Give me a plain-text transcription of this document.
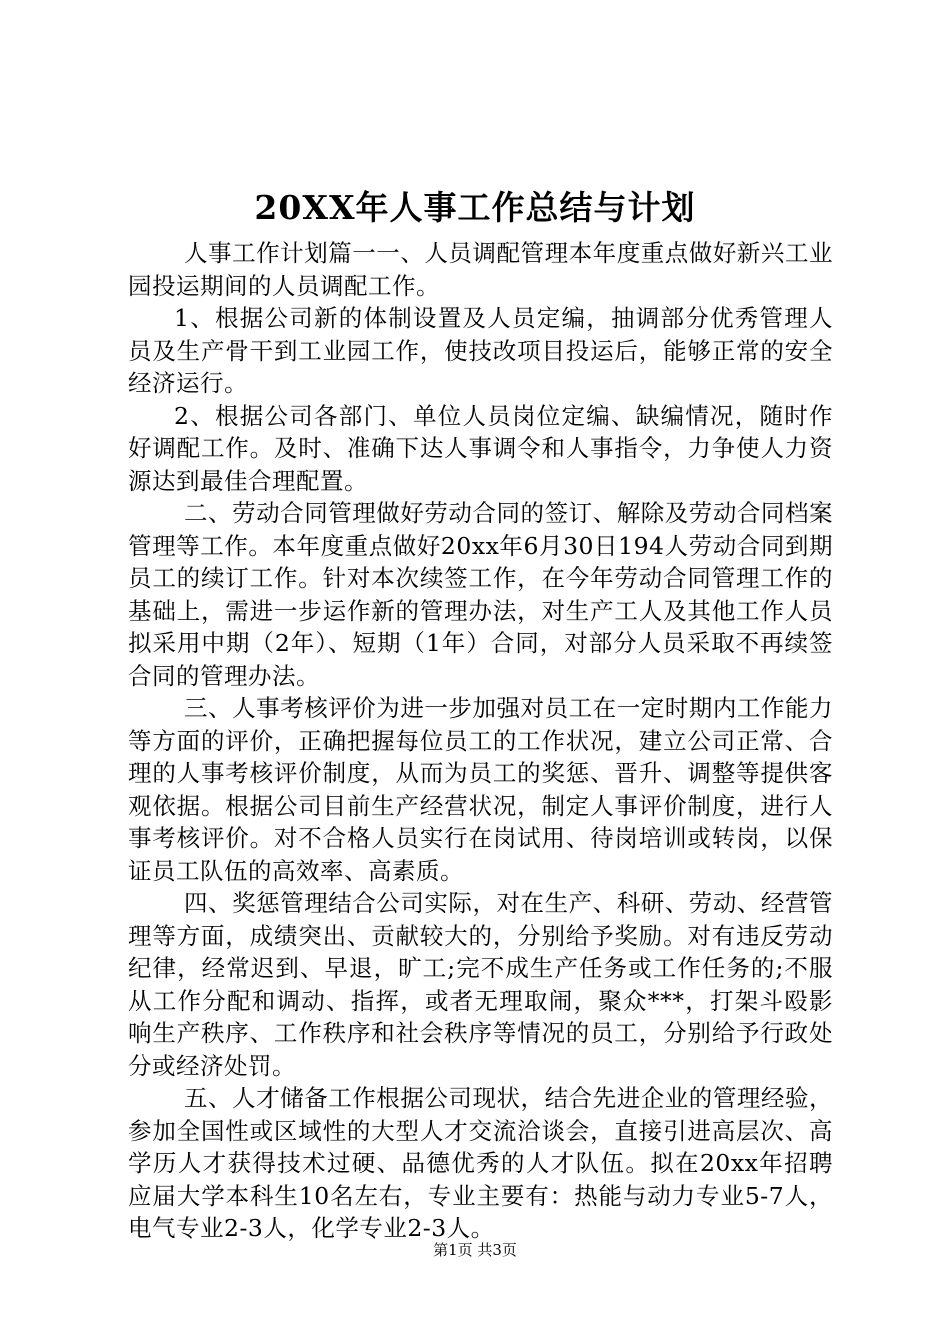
20XX年人事工作总结与计划

人事工作计划篇一一、人员调配管理本年度重点做好新兴工业园投运期间的人员调配工作。

1、根据公司新的体制设置及人员定编，抽调部分优秀管理人员及生产骨干到工业园工作，使技改项目投运后，能够正常的安全经济运行。

2、根据公司各部门、单位人员岗位定编、缺编情况，随时作好调配工作。及时、准确下达人事调令和人事指令，力争使人力资源达到最佳合理配置。

二、劳动合同管理做好劳动合同的签订、解除及劳动合同档案管理等工作。本年度重点做好20xx年6月30日194人劳动合同到期员工的续订工作。针对本次续签工作，在今年劳动合同管理工作的基础上，需进一步运作新的管理办法，对生产工人及其他工作人员拟采用中期（2年）、短期（1年）合同，对部分人员采取不再续签合同的管理办法。

三、人事考核评价为进一步加强对员工在一定时期内工作能力等方面的评价，正确把握每位员工的工作状况，建立公司正常、合理的人事考核评价制度，从而为员工的奖惩、晋升、调整等提供客观依据。根据公司目前生产经营状况，制定人事评价制度，进行人事考核评价。对不合格人员实行在岗试用、待岗培训或转岗，以保证员工队伍的高效率、高素质。

四、奖惩管理结合公司实际，对在生产、科研、劳动、经营管理等方面，成绩突出、贡献较大的，分别给予奖励。对有违反劳动纪律，经常迟到、早退，旷工;完不成生产任务或工作任务的;不服从工作分配和调动、指挥，或者无理取闹，聚众***，打架斗殴影响生产秩序、工作秩序和社会秩序等情况的员工，分别给予行政处分或经济处罚。

五、人才储备工作根据公司现状，结合先进企业的管理经验，参加全国性或区域性的大型人才交流洽谈会，直接引进高层次、高学历人才获得技术过硬、品德优秀的人才队伍。拟在20xx年招聘应届大学本科生10名左右，专业主要有：热能与动力专业5-7人，电气专业2-3人，化学专业2-3人。

第1页 共3页
